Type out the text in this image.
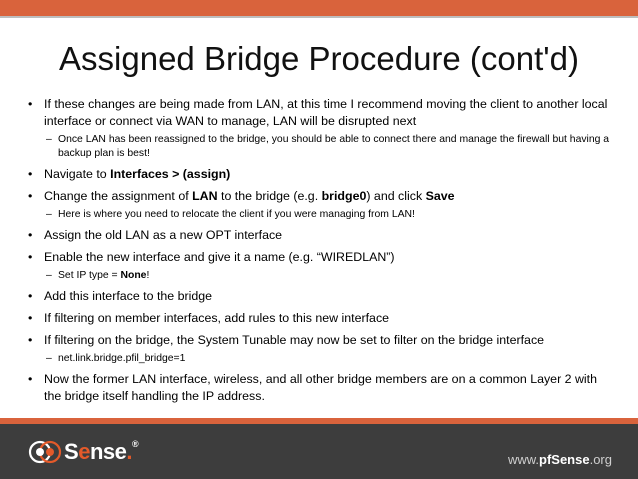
Assigned Bridge Procedure (cont'd)
• If these changes are being made from LAN, at this time I recommend moving the client to another local interface or connect via WAN to manage, LAN will be disrupted next
– Once LAN has been reassigned to the bridge, you should be able to connect there and manage the firewall but having a backup plan is best!
• Navigate to Interfaces > (assign)
• Change the assignment of LAN to the bridge (e.g. bridge0) and click Save
– Here is where you need to relocate the client if you were managing from LAN!
• Assign the old LAN as a new OPT interface
• Enable the new interface and give it a name (e.g. “WIREDLAN”)
– Set IP type = None!
• Add this interface to the bridge
• If filtering on member interfaces, add rules to this new interface
• If filtering on the bridge, the System Tunable may now be set to filter on the bridge interface
– net.link.bridge.pfil_bridge=1
• Now the former LAN interface, wireless, and all other bridge members are on a common Layer 2 with the bridge itself handling the IP address.
Sense.®
www.pfSense.org
